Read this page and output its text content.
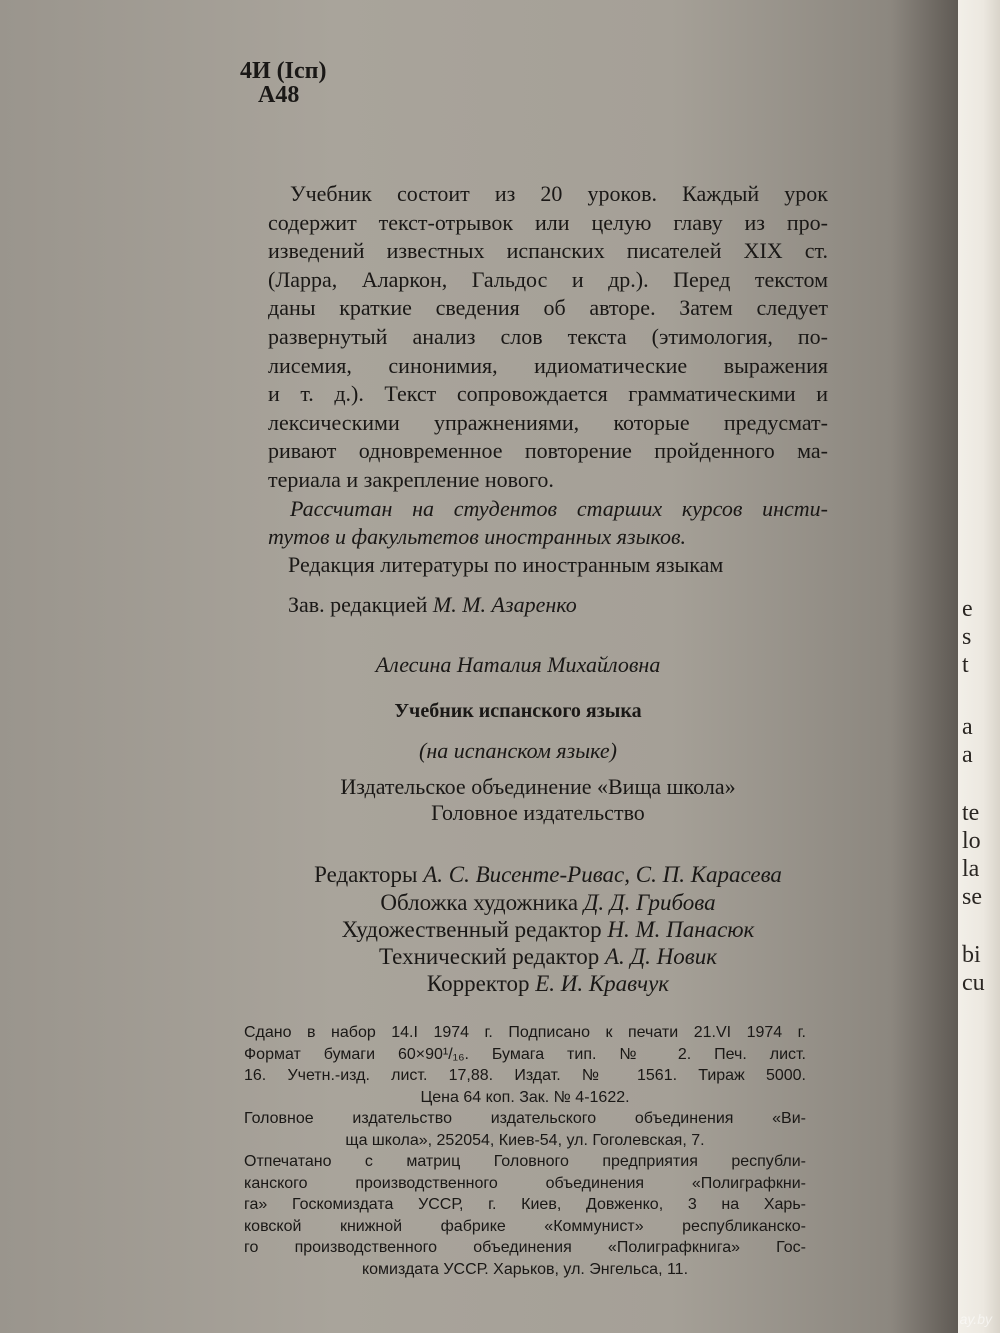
4И (Icп)
А48
Учебник состоит из 20 уроков. Каждый урок
содержит текст-отрывок или целую главу из про-
изведений известных испанских писателей XIX ст.
(Ларра, Аларкон, Гальдос и др.). Перед текстом
даны краткие сведения об авторе. Затем следует
развернутый анализ слов текста (этимология, по-
лисемия, синонимия, идиоматические выражения
и т. д.). Текст сопровождается грамматическими и
лексическими упражнениями, которые предусмат-
ривают одновременное повторение пройденного ма-
териала и закрепление нового.
Рассчитан на студентов старших курсов инсти-
тутов и факультетов иностранных языков.
Редакция литературы по иностранным языкам
Зав. редакцией М. М. Азаренко
Алесина Наталия Михайловна
Учебник испанского языка
(на испанском языке)
Издательское объединение «Вища школа»
Головное издательство
Редакторы А. С. Висенте-Ривас, С. П. Карасева
Обложка художника Д. Д. Грибова
Художественный редактор Н. М. Панасюк
Технический редактор А. Д. Новик
Корректор Е. И. Кравчук
Сдано в набор 14.I 1974 г. Подписано к печати 21.VI 1974 г.
Формат бумаги 60×90¹/₁₆. Бумага тип. № 2. Печ. лист.
16. Учетн.-изд. лист. 17,88. Издат. № 1561. Тираж 5000.
Цена 64 коп. Зак. № 4-1622.
Головное издательство издательского объединения «Ви-
ща школа», 252054, Киев-54, ул. Гоголевская, 7.
Отпечатано с матриц Головного предприятия республи-
канского производственного объединения «Полиграфкни-
га» Госкомиздата УССР, г. Киев, Довженко, 3 на Харь-
ковской книжной фабрике «Коммунист» республиканско-
го производственного объединения «Полиграфкнига» Гос-
комиздата УССР. Харьков, ул. Энгельса, 11.
e
s
t
a
a
te
lo
la
se
bi
cu
ay.by
